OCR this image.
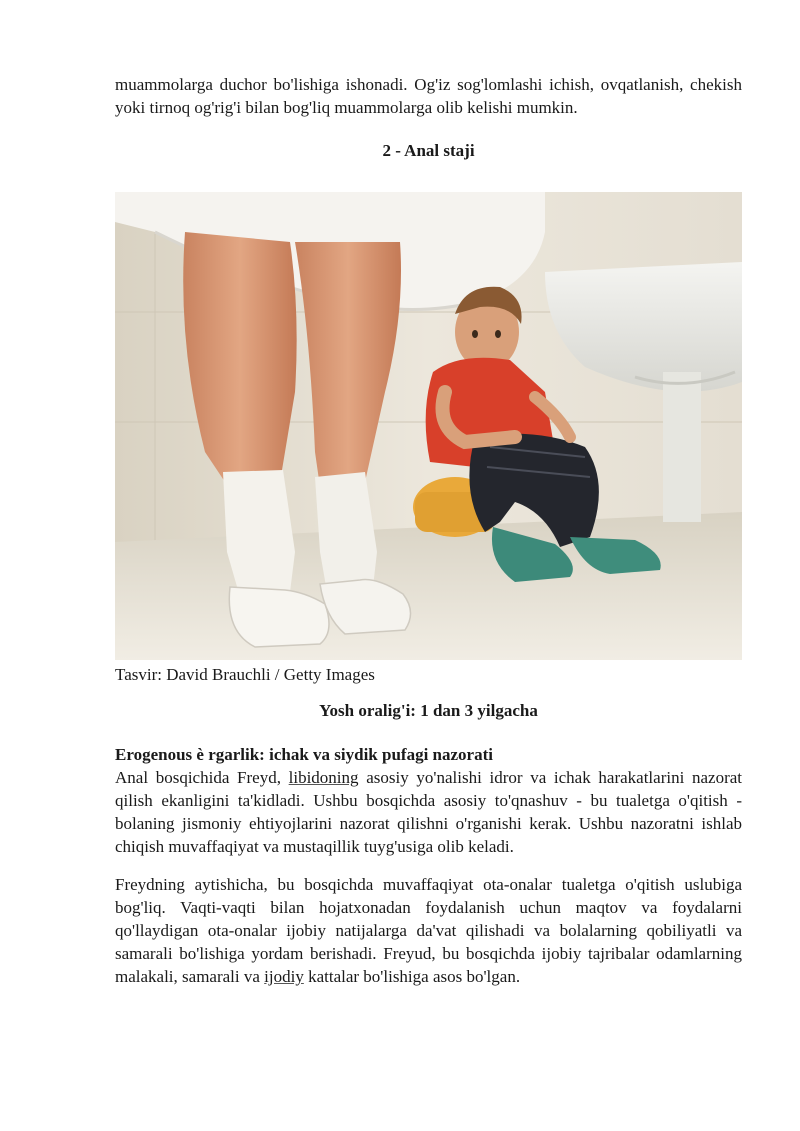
muammolarga duchor bo'lishiga ishonadi. Og'iz sog'lomlashi ichish, ovqatlanish, chekish yoki tirnoq og'rig'i bilan bog'liq muammolarga olib kelishi mumkin.

2 - Anal staji

Tasvir: David Brauchli / Getty Images

Yosh oralig'i: 1 dan 3 yilgacha

Erogenous è rgarlik: ichak va siydik pufagi nazorati

Anal bosqichida Freyd, libidoning asosiy yo'nalishi idror va ichak harakatlarini nazorat qilish ekanligini ta'kidladi. Ushbu bosqichda asosiy to'qnashuv - bu tualetga o'qitish - bolaning jismoniy ehtiyojlarini nazorat qilishni o'rganishi kerak. Ushbu nazoratni ishlab chiqish muvaffaqiyat va mustaqillik tuyg'usiga olib keladi.

Freydning aytishicha, bu bosqichda muvaffaqiyat ota-onalar tualetga o'qitish uslubiga bog'liq. Vaqti-vaqti bilan hojatxonadan foydalanish uchun maqtov va foydalarni qo'llaydigan ota-onalar ijobiy natijalarga da'vat qilishadi va bolalarning qobiliyatli va samarali bo'lishiga yordam berishadi. Freyud, bu bosqichda ijobiy tajribalar odamlarning malakali, samarali va ijodiy kattalar bo'lishiga asos bo'lgan.
